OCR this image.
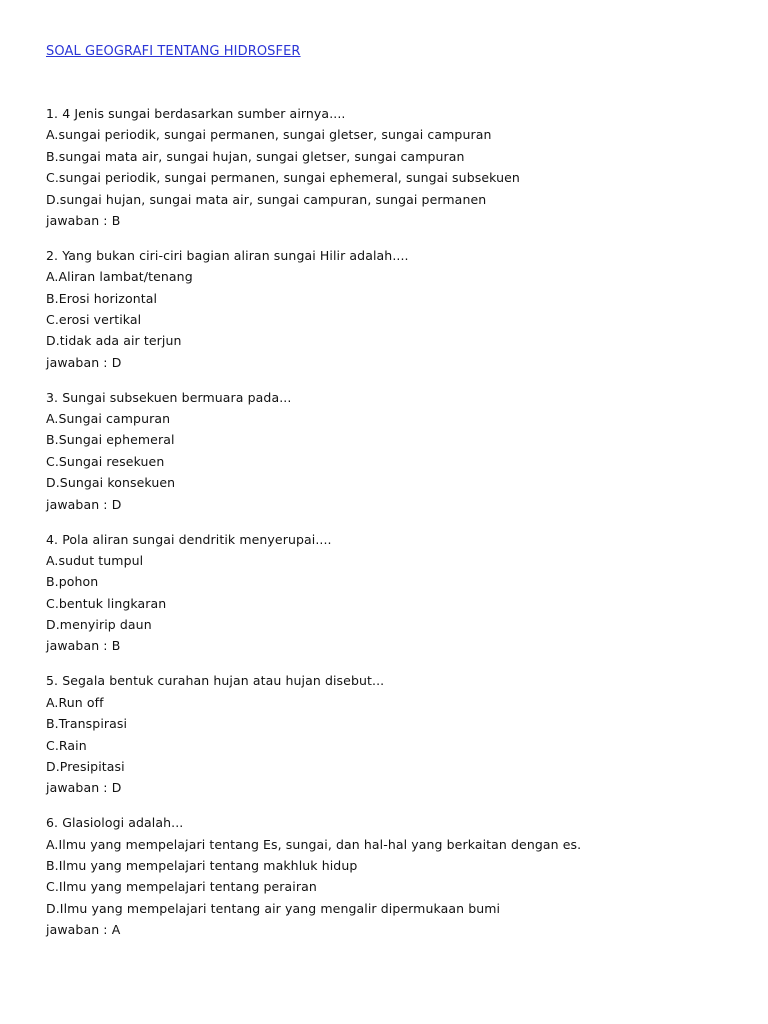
SOAL GEOGRAFI TENTANG HIDROSFER
1. 4 Jenis sungai berdasarkan sumber airnya....
A.sungai periodik, sungai permanen, sungai gletser, sungai campuran
B.sungai mata air, sungai hujan, sungai gletser, sungai campuran
C.sungai periodik, sungai permanen, sungai ephemeral, sungai subsekuen
D.sungai hujan, sungai mata air, sungai campuran, sungai permanen
jawaban : B
2. Yang bukan ciri-ciri bagian aliran sungai Hilir adalah....
A.Aliran lambat/tenang
B.Erosi horizontal
C.erosi vertikal
D.tidak ada air terjun
jawaban : D
3. Sungai subsekuen bermuara pada...
A.Sungai campuran
B.Sungai ephemeral
C.Sungai resekuen
D.Sungai konsekuen
jawaban : D
4. Pola aliran sungai dendritik menyerupai....
A.sudut tumpul
B.pohon
C.bentuk lingkaran
D.menyirip daun
jawaban : B
5. Segala bentuk curahan hujan atau hujan disebut...
A.Run off
B.Transpirasi
C.Rain
D.Presipitasi
jawaban : D
6. Glasiologi adalah...
A.Ilmu yang mempelajari tentang Es, sungai, dan hal-hal yang berkaitan dengan es.
B.Ilmu yang mempelajari tentang makhluk hidup
C.Ilmu yang mempelajari tentang perairan
D.Ilmu yang mempelajari tentang air yang mengalir dipermukaan bumi
jawaban : A
